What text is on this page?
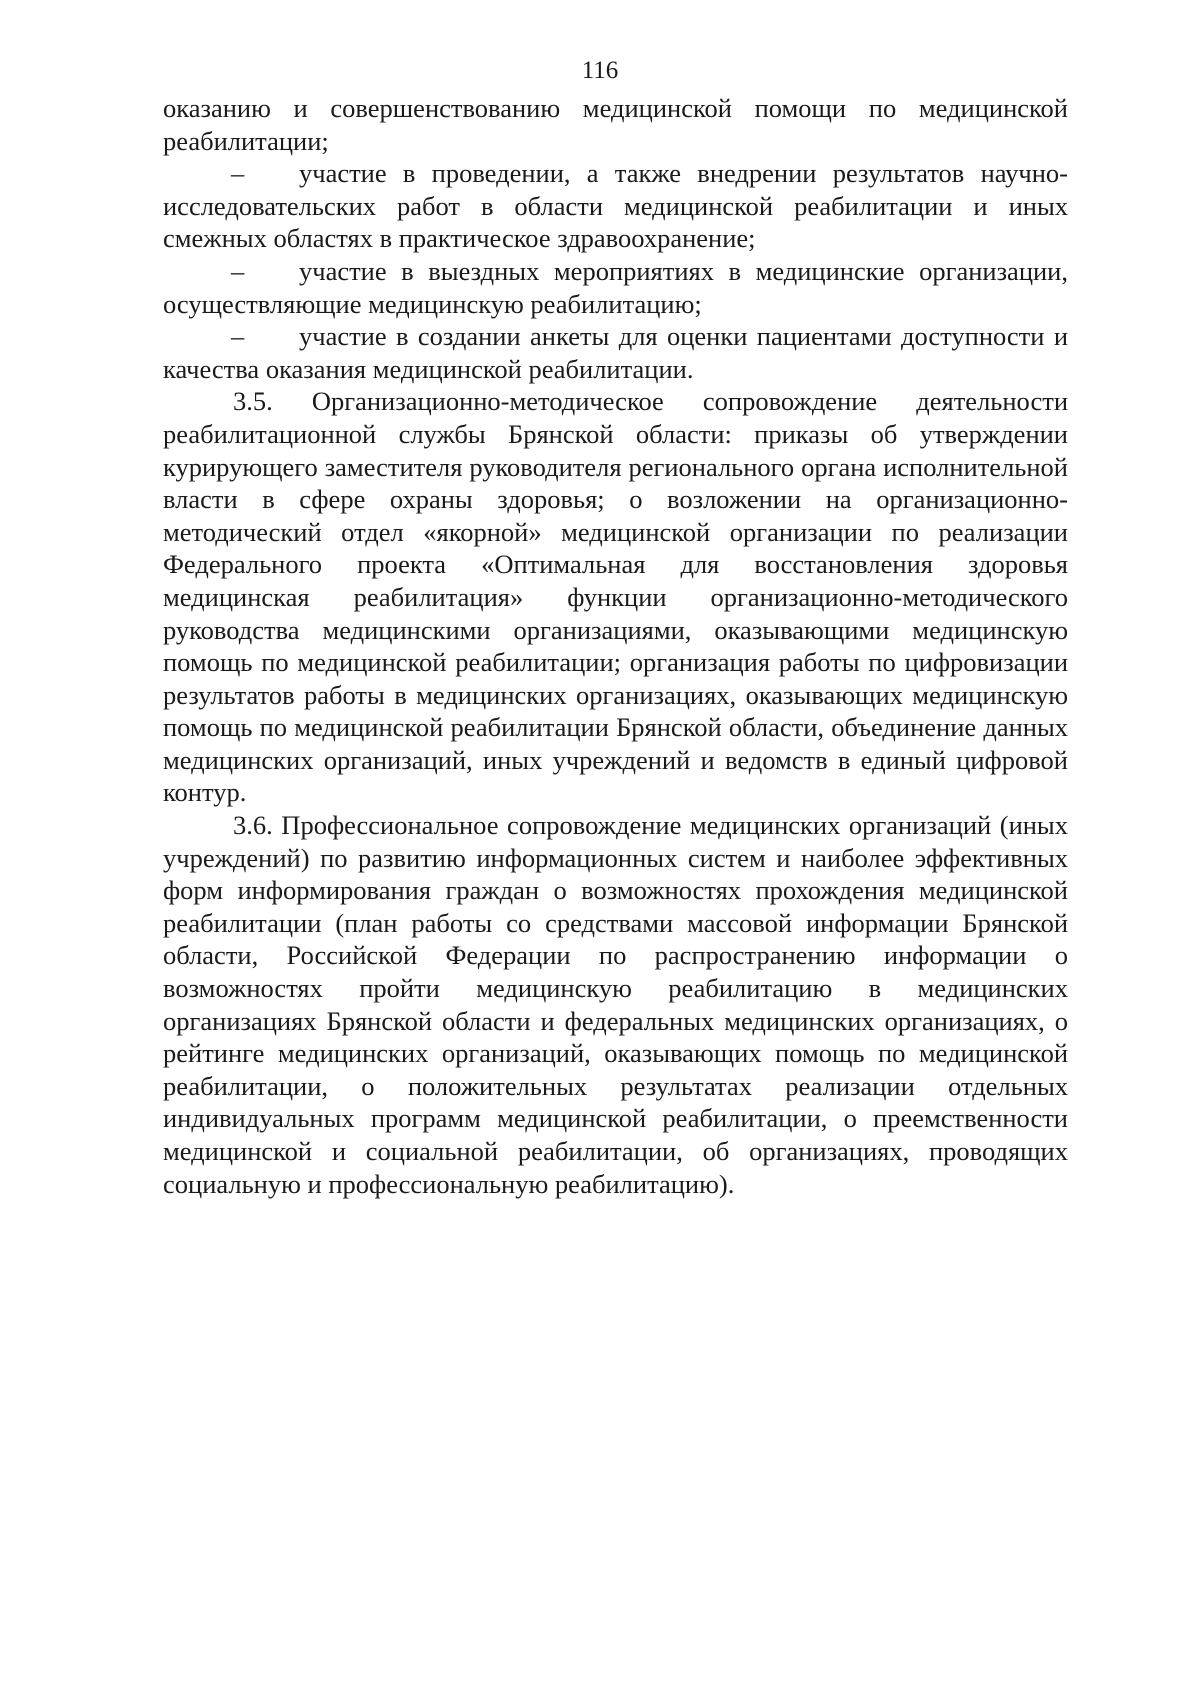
116

оказанию и совершенствованию медицинской помощи по медицинской реабилитации;

– участие в проведении, а также внедрении результатов научно-исследовательских работ в области медицинской реабилитации и иных смежных областях в практическое здравоохранение;

– участие в выездных мероприятиях в медицинские организации, осуществляющие медицинскую реабилитацию;

– участие в создании анкеты для оценки пациентами доступности и качества оказания медицинской реабилитации.

3.5. Организационно-методическое сопровождение деятельности реабилитационной службы Брянской области: приказы об утверждении курирующего заместителя руководителя регионального органа исполнительной власти в сфере охраны здоровья; о возложении на организационно-методический отдел «якорной» медицинской организации по реализации Федерального проекта «Оптимальная для восстановления здоровья медицинская реабилитация» функции организационно-методического руководства медицинскими организациями, оказывающими медицинскую помощь по медицинской реабилитации; организация работы по цифровизации результатов работы в медицинских организациях, оказывающих медицинскую помощь по медицинской реабилитации Брянской области, объединение данных медицинских организаций, иных учреждений и ведомств в единый цифровой контур.

3.6. Профессиональное сопровождение медицинских организаций (иных учреждений) по развитию информационных систем и наиболее эффективных форм информирования граждан о возможностях прохождения медицинской реабилитации (план работы со средствами массовой информации Брянской области, Российской Федерации по распространению информации о возможностях пройти медицинскую реабилитацию в медицинских организациях Брянской области и федеральных медицинских организациях, о рейтинге медицинских организаций, оказывающих помощь по медицинской реабилитации, о положительных результатах реализации отдельных индивидуальных программ медицинской реабилитации, о преемственности медицинской и социальной реабилитации, об организациях, проводящих социальную и профессиональную реабилитацию).
